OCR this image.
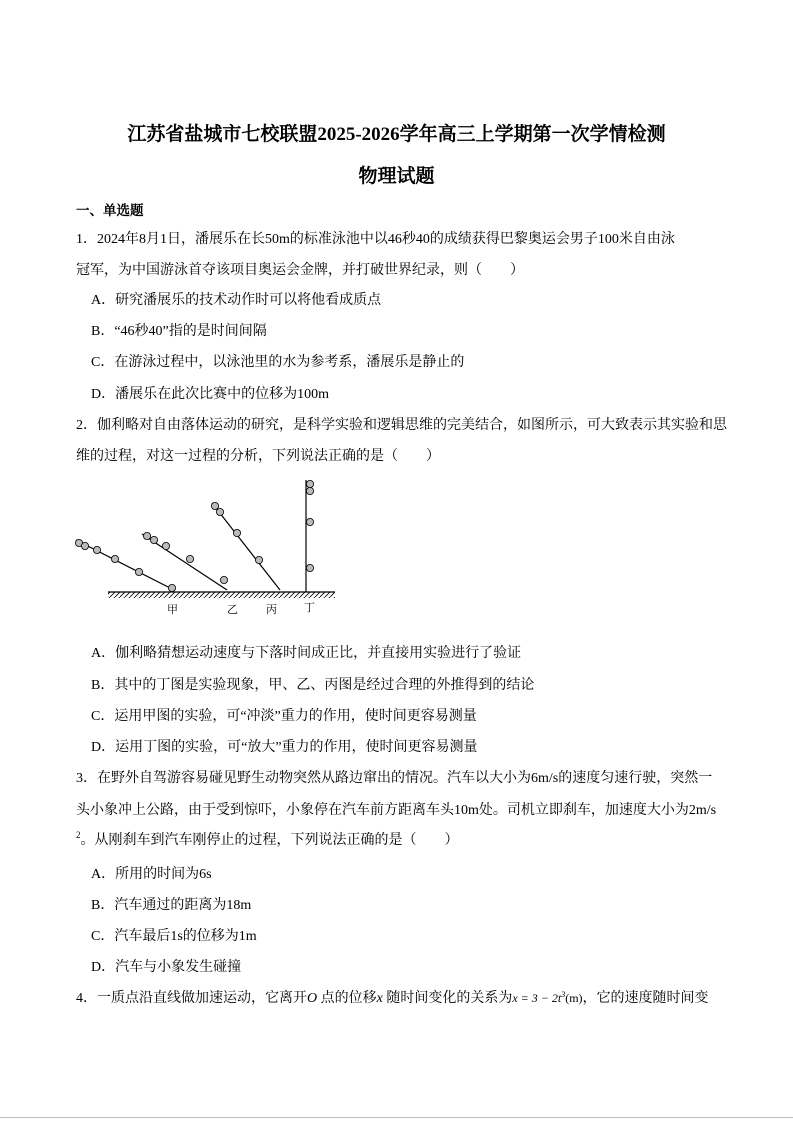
江苏省盐城市七校联盟2025-2026学年高三上学期第一次学情检测
物理试题
一、单选题
1．2024年8月1日，潘展乐在长50m的标准泳池中以46秒40的成绩获得巴黎奥运会男子100米自由泳
冠军，为中国游泳首夺该项目奥运会金牌，并打破世界纪录，则（　　）
A．研究潘展乐的技术动作时可以将他看成质点
B．“46秒40”指的是时间间隔
C．在游泳过程中，以泳池里的水为参考系，潘展乐是静止的
D．潘展乐在此次比赛中的位移为100m
2．伽利略对自由落体运动的研究，是科学实验和逻辑思维的完美结合，如图所示，可大致表示其实验和思
维的过程，对这一过程的分析，下列说法正确的是（　　）
甲	乙	丙 丁
A．伽利略猜想运动速度与下落时间成正比，并直接用实验进行了验证
B．其中的丁图是实验现象，甲、乙、丙图是经过合理的外推得到的结论
C．运用甲图的实验，可“冲淡”重力的作用，使时间更容易测量
D．运用丁图的实验，可“放大”重力的作用，使时间更容易测量
3．在野外自驾游容易碰见野生动物突然从路边窜出的情况。汽车以大小为6m/s的速度匀速行驶，突然一
头小象冲上公路，由于受到惊吓，小象停在汽车前方距离车头10m处。司机立即刹车，加速度大小为2m/s
$^2$。从刚刹车到汽车刚停止的过程，下列说法正确的是（　　）
A．所用的时间为6s
B．汽车通过的距离为18m
C．汽车最后1s的位移为1m
D．汽车与小象发生碰撞
4．一质点沿直线做加速运动，它离开O 点的位移x 随时间变化的关系为$x = 3 - 2t^3(m)$，它的速度随时间变
